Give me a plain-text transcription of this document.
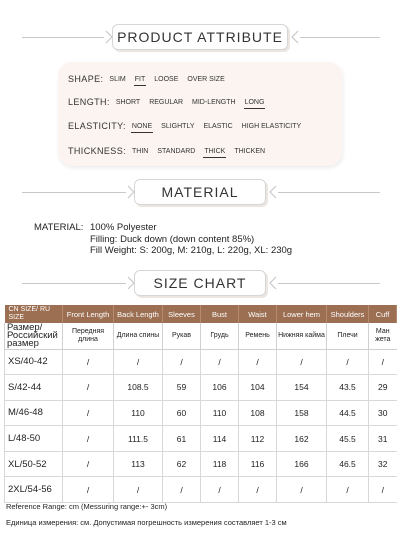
PRODUCT ATTRIBUTE
SHAPE: SLIM FIT LOOSE OVER SIZE
LENGTH: SHORT REGULAR MID-LENGTH LONG
ELASTICITY: NONE SLIGHTLY ELASTIC HIGH ELASTICITY
THICKNESS: THIN STANDARD THICK THICKEN
MATERIAL
MATERIAL: 100% Polyester
Filling: Duck down (down content 85%)
Fill Weight: S: 200g, M: 210g, L: 220g, XL: 230g
SIZE CHART
CN SIZE/ RU SIZE	Front Length	Back Length	Sleeves	Bust	Waist	Lower hem	Shoulders	Cuff
Размер/ Российский размер	Передняя длина	Длина спины	Рукав	Грудь	Ремень	Нижняя кайма	Плечи	Ман жета
XS/40-42	/	/	/	/	/	/	/	/
S/42-44	/	108.5	59	106	104	154	43.5	29
M/46-48	/	110	60	110	108	158	44.5	30
L/48-50	/	111.5	61	114	112	162	45.5	31
XL/50-52	/	113	62	118	116	166	46.5	32
2XL/54-56	/	/	/	/	/	/	/	/
Reference Range: cm (Messuring range:+- 3cm)
Единица измерения: см. Допустимая погрешность измерения составляет 1-3 см
